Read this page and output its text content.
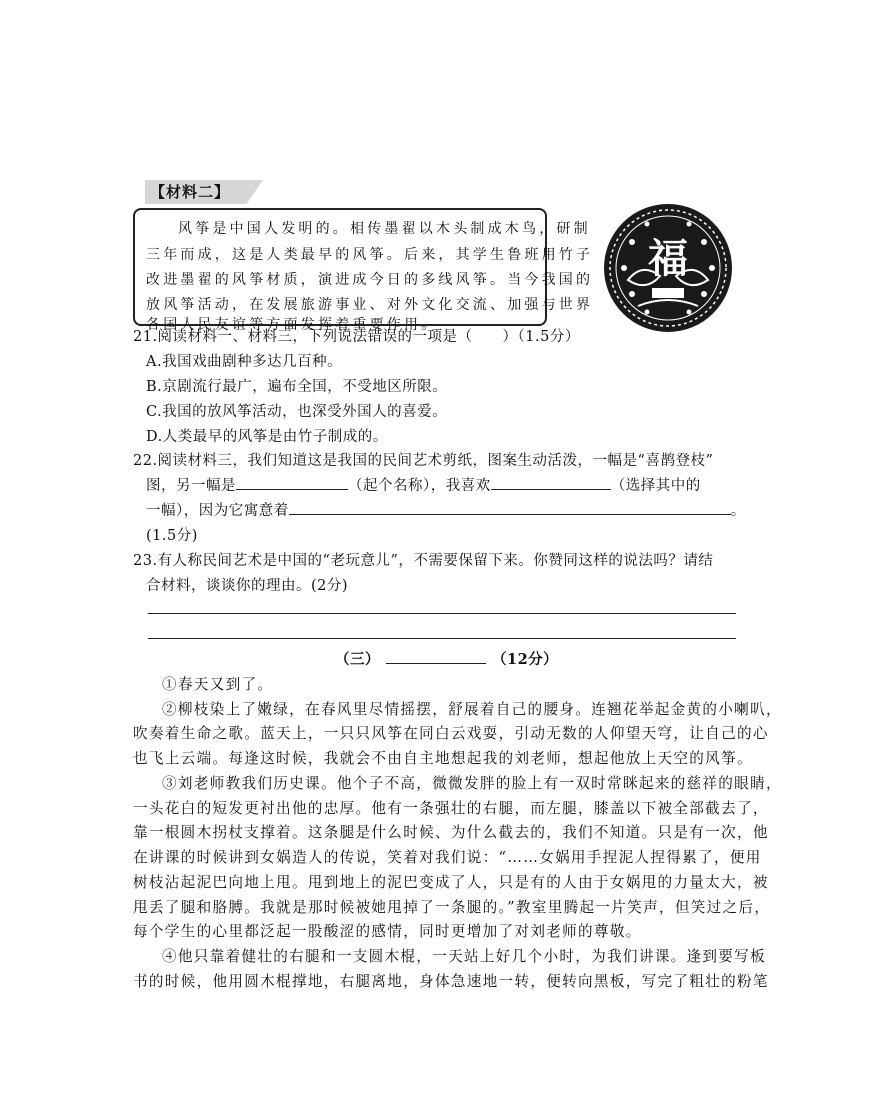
【材料二】
风筝是中国人发明的。相传墨翟以木头制成木鸟，研制
三年而成，这是人类最早的风筝。后来，其学生鲁班用竹子
改进墨翟的风筝材质，演进成今日的多线风筝。当今我国的
放风筝活动，在发展旅游事业、对外文化交流、加强与世界
各国人民友谊等方面发挥着重要作用。
福
21.阅读材料一、材料三，下列说法错误的一项是（　　）（1.5分）
A.我国戏曲剧种多达几百种。
B.京剧流行最广，遍布全国，不受地区所限。
C.我国的放风筝活动，也深受外国人的喜爱。
D.人类最早的风筝是由竹子制成的。
22.阅读材料三，我们知道这是我国的民间艺术剪纸，图案生动活泼，一幅是“喜鹊登枝”
图，另一幅是	（起个名称），我喜欢	（选择其中的
一幅），因为它寓意着	。
(1.5分)
23.有人称民间艺术是中国的“老玩意儿”，不需要保留下来。你赞同这样的说法吗？请结
合材料，谈谈你的理由。(2分)
（三）	（12分）
①春天又到了。
②柳枝染上了嫩绿，在春风里尽情摇摆，舒展着自己的腰身。连翘花举起金黄的小喇叭，
吹奏着生命之歌。蓝天上，一只只风筝在同白云戏耍，引动无数的人仰望天穹，让自己的心
也飞上云端。每逢这时候，我就会不由自主地想起我的刘老师，想起他放上天空的风筝。
③刘老师教我们历史课。他个子不高，微微发胖的脸上有一双时常眯起来的慈祥的眼睛，
一头花白的短发更衬出他的忠厚。他有一条强壮的右腿，而左腿，膝盖以下被全部截去了，
靠一根圆木拐杖支撑着。这条腿是什么时候、为什么截去的，我们不知道。只是有一次，他
在讲课的时候讲到女娲造人的传说，笑着对我们说：“……女娲用手捏泥人捏得累了，便用
树枝沾起泥巴向地上甩。甩到地上的泥巴变成了人，只是有的人由于女娲甩的力量太大，被
甩丢了腿和胳膊。我就是那时候被她甩掉了一条腿的。”教室里腾起一片笑声，但笑过之后，
每个学生的心里都泛起一股酸涩的感情，同时更增加了对刘老师的尊敬。
④他只靠着健壮的右腿和一支圆木棍，一天站上好几个小时，为我们讲课。逢到要写板
书的时候，他用圆木棍撑地，右腿离地，身体急速地一转，便转向黑板，写完了粗壮的粉笔
